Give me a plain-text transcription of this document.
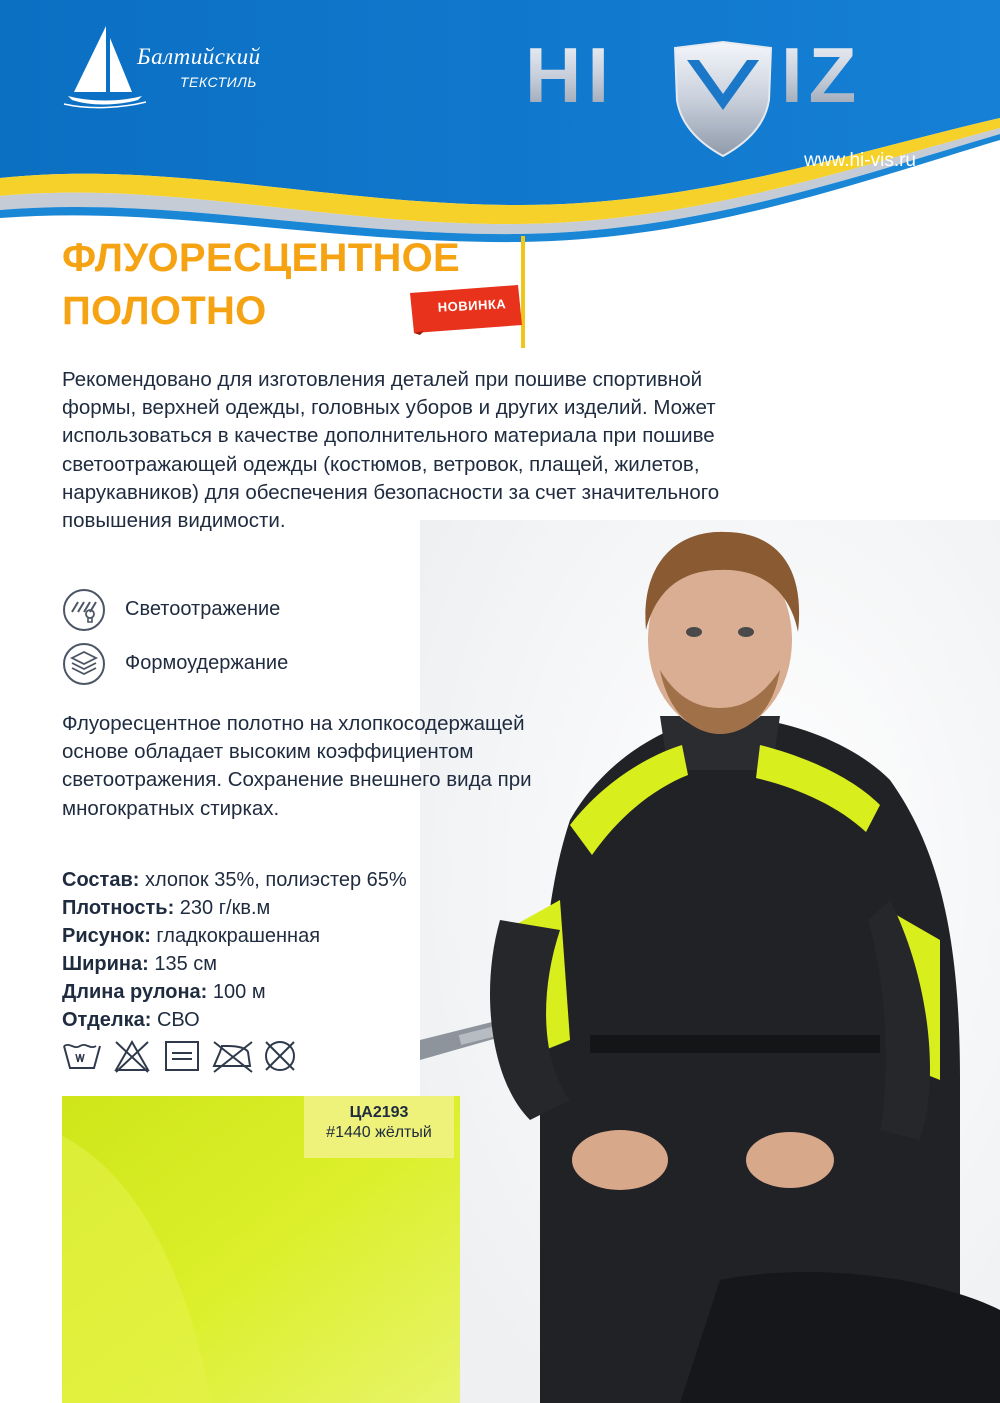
Балтийский
ТЕКСТИЛЬ	HI IZ
www.hi-vis.ru
ФЛУОРЕСЦЕНТНОЕ
ПОЛОТНО	НОВИНКА
Рекомендовано для изготовления деталей при пошиве спортивной формы, верхней одежды, головных уборов и других изделий. Может использоваться в качестве дополнительного материала при пошиве светоотражающей одежды (костюмов, ветровок, плащей, жилетов, нарукавников) для обеспечения безопасности за счет значительного повышения видимости.
Светоотражение
Формоудержание
Флуоресцентное полотно на хлопкосодержащей основе обладает высоким коэффициентом светоотражения. Сохранение внешнего вида при многократных стирках.
Состав: хлопок 35%, полиэстер 65%
Плотность: 230 г/кв.м
Рисунок: гладкокрашенная
Ширина: 135 см
Длина рулона: 100 м
Отделка: СВО
ЦА2193
#1440 жёлтый
